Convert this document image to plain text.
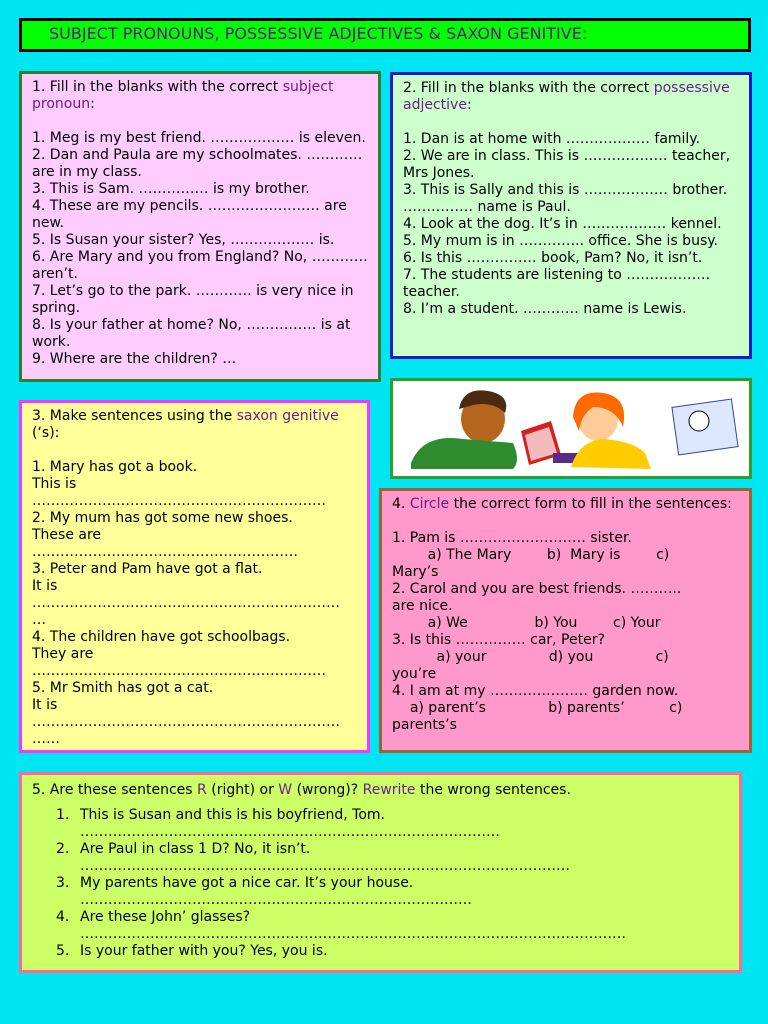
SUBJECT PRONOUNS, POSSESSIVE ADJECTIVES & SAXON GENITIVE:
1. Fill in the blanks with the correct subject pronoun:
1. Meg is my best friend. ……………… is eleven.
2. Dan and Paula are my schoolmates. ………… are in my class.
3. This is Sam. …………… is my brother.
4. These are my pencils. …………………… are new.
5. Is Susan your sister? Yes, ……………… is.
6. Are Mary and you from England? No, ………… aren’t.
7. Let’s go to the park. ………… is very nice in spring.
8. Is your father at home? No, …………… is at work.
9. Where are the children? …
2. Fill in the blanks with the correct possessive adjective:
1. Dan is at home with ……………… family.
2. We are in class. This is ……………… teacher, Mrs Jones.
3. This is Sally and this is ……………… brother. …………… name is Paul.
4. Look at the dog. It’s in ……………… kennel.
5. My mum is in ………….. office. She is busy.
6. Is this …………… book, Pam? No, it isn’t.
7. The students are listening to ……………… teacher.
8. I’m a student. ………… name is Lewis.
3. Make sentences using the saxon genitive (‘s):
1. Mary has got a book.
This is
………………………………………………………
2. My mum has got some new shoes.
These are
…………………………………………………
3. Peter and Pam have got a flat.
It is
…………………………………………………………
…
4. The children have got schoolbags.
They are
………………………………………………………
5. Mr Smith has got a cat.
It is
…………………………………………………………
……
4. Circle the correct form to fill in the sentences:
1. Pam is ……………………… sister.
a) The Mary        b)  Mary is        c)
Mary’s
2. Carol and you are best friends. ………..
are nice.
a) We               b) You        c) Your
3. Is this …………… car, Peter?
a) your              d) you              c)
you’re
4. I am at my ………………… garden now.
a) parent’s              b) parents’          c)
parents’s
5. Are these sentences R (right) or W (wrong)? Rewrite the wrong sentences.
1. This is Susan and this is his boyfriend, Tom.
………………………………………………………………………………
2. Are Paul in class 1 D? No, it isn’t.
……………………………………………………………………………………………
3. My parents have got a nice car. It’s your house.
…………………………………………………………………………
4. Are these John’ glasses?
………………………………………………………………………………………………………
5. Is your father with you? Yes, you is.
